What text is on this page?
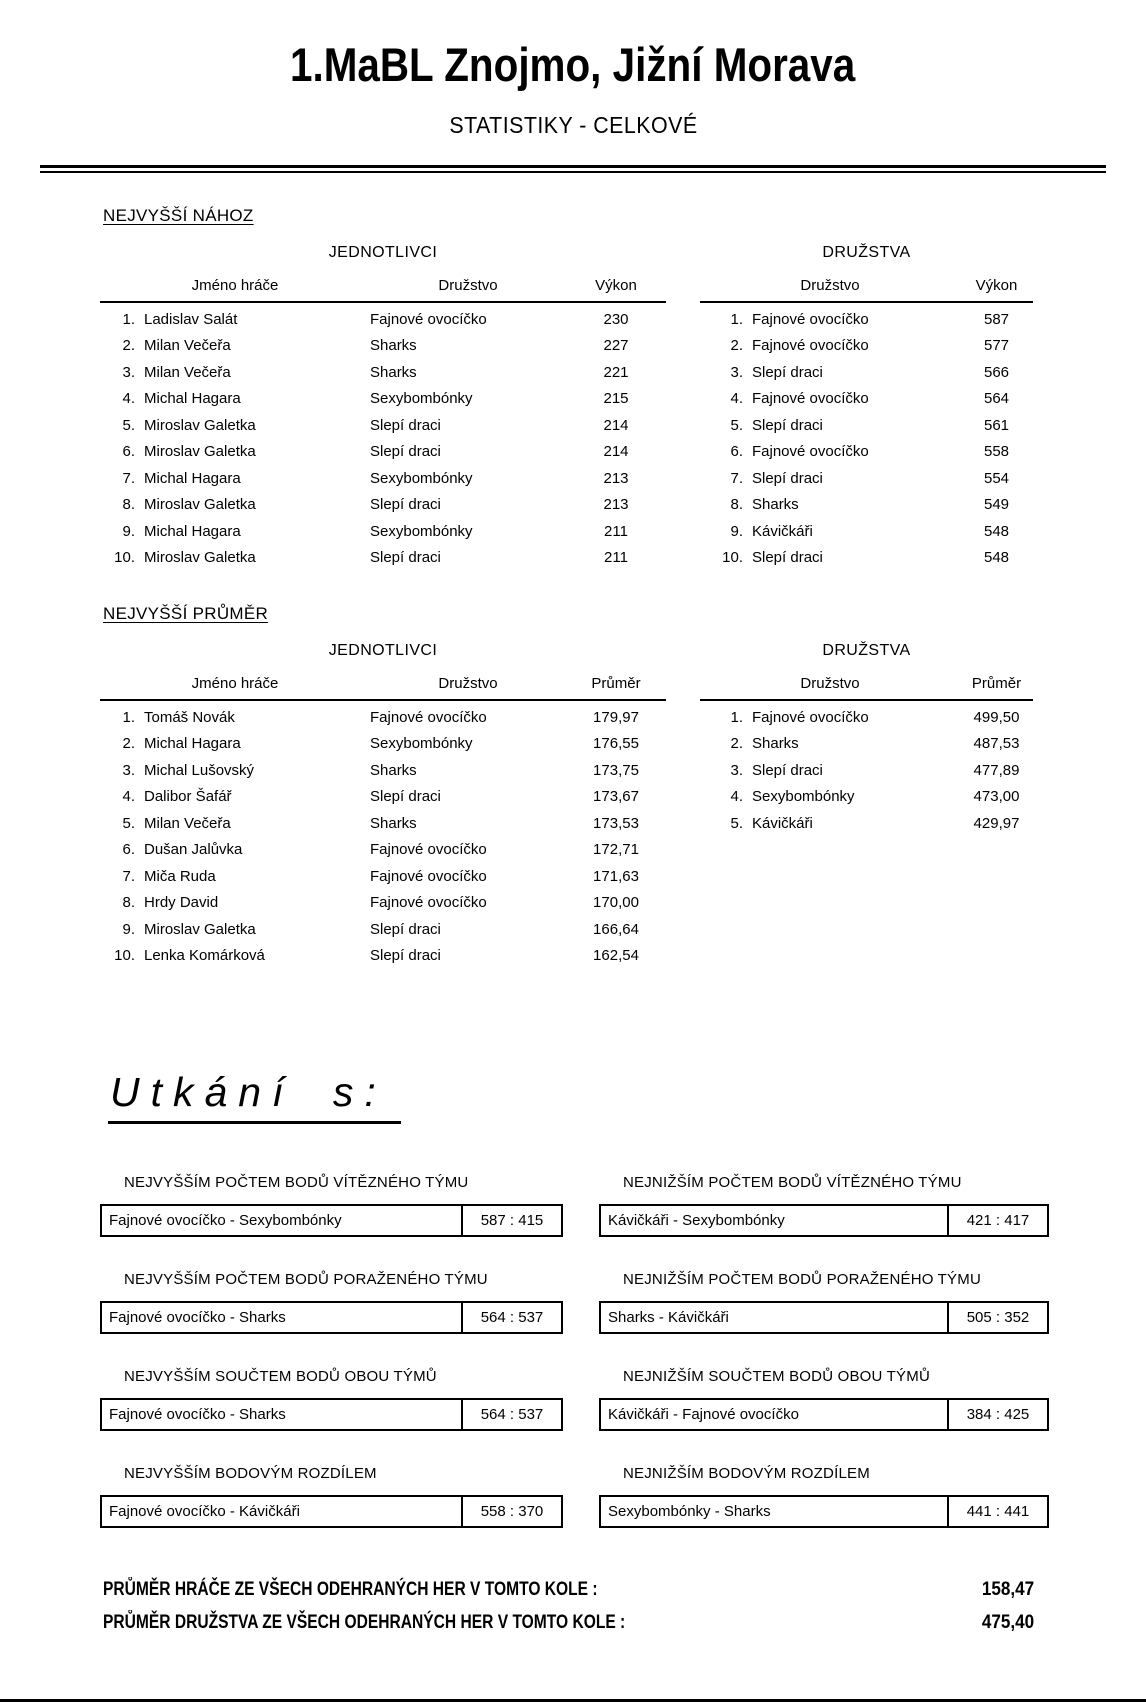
1.MaBL Znojmo, Jižní Morava
STATISTIKY - CELKOVÉ
NEJVYŠŠÍ NÁHOZ
JEDNOTLIVCI
Jméno hráče	Družstvo	Výkon
1. Ladislav Salát	Fajnové ovocíčko	230
2. Milan Večeřa	Sharks	227
3. Milan Večeřa	Sharks	221
4. Michal Hagara	Sexybombónky	215
5. Miroslav Galetka	Slepí draci	214
6. Miroslav Galetka	Slepí draci	214
7. Michal Hagara	Sexybombónky	213
8. Miroslav Galetka	Slepí draci	213
9. Michal Hagara	Sexybombónky	211
10. Miroslav Galetka	Slepí draci	211
DRUŽSTVA
Družstvo	Výkon
1. Fajnové ovocíčko	587
2. Fajnové ovocíčko	577
3. Slepí draci	566
4. Fajnové ovocíčko	564
5. Slepí draci	561
6. Fajnové ovocíčko	558
7. Slepí draci	554
8. Sharks	549
9. Kávičkáři	548
10. Slepí draci	548
NEJVYŠŠÍ PRŮMĚR
JEDNOTLIVCI
Jméno hráče	Družstvo	Průměr
1. Tomáš Novák	Fajnové ovocíčko	179,97
2. Michal Hagara	Sexybombónky	176,55
3. Michal Lušovský	Sharks	173,75
4. Dalibor Šafář	Slepí draci	173,67
5. Milan Večeřa	Sharks	173,53
6. Dušan Jalůvka	Fajnové ovocíčko	172,71
7. Miča Ruda	Fajnové ovocíčko	171,63
8. Hrdy David	Fajnové ovocíčko	170,00
9. Miroslav Galetka	Slepí draci	166,64
10. Lenka Komárková	Slepí draci	162,54
DRUŽSTVA
Družstvo	Průměr
1. Fajnové ovocíčko	499,50
2. Sharks	487,53
3. Slepí draci	477,89
4. Sexybombónky	473,00
5. Kávičkáři	429,97
Utkání s:
NEJVYŠŠÍM POČTEM BODŮ VÍTĚZNÉHO TÝMU
Fajnové ovocíčko - Sexybombónky	587 : 415
NEJNIŽŠÍM POČTEM BODŮ VÍTĚZNÉHO TÝMU
Kávičkáři - Sexybombónky	421 : 417
NEJVYŠŠÍM POČTEM BODŮ PORAŽENÉHO TÝMU
Fajnové ovocíčko - Sharks	564 : 537
NEJNIŽŠÍM POČTEM BODŮ PORAŽENÉHO TÝMU
Sharks - Kávičkáři	505 : 352
NEJVYŠŠÍM SOUČTEM BODŮ OBOU TÝMŮ
Fajnové ovocíčko - Sharks	564 : 537
NEJNIŽŠÍM SOUČTEM BODŮ OBOU TÝMŮ
Kávičkáři - Fajnové ovocíčko	384 : 425
NEJVYŠŠÍM BODOVÝM ROZDÍLEM
Fajnové ovocíčko - Kávičkáři	558 : 370
NEJNIŽŠÍM BODOVÝM ROZDÍLEM
Sexybombónky - Sharks	441 : 441
PRŮMĚR HRÁČE ZE VŠECH ODEHRANÝCH HER V TOMTO KOLE :	158,47
PRŮMĚR DRUŽSTVA ZE VŠECH ODEHRANÝCH HER V TOMTO KOLE :	475,40
